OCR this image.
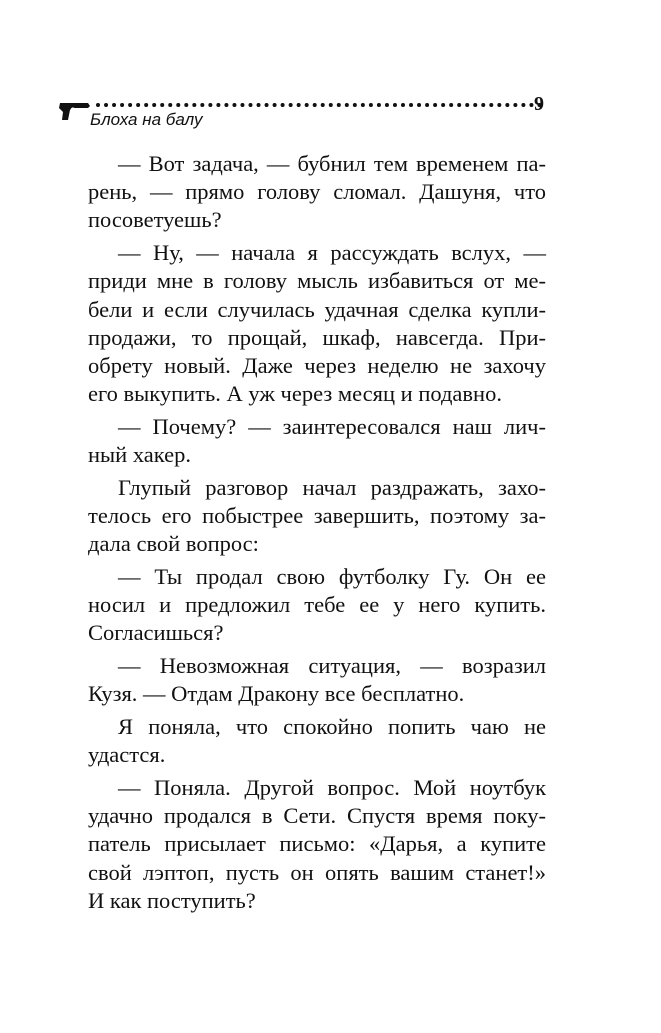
9
Блоха на балу
— Вот задача, — бубнил тем временем па-
рень, — прямо голову сломал. Дашуня, что
посоветуешь?
— Ну, — начала я рассуждать вслух, —
приди мне в голову мысль избавиться от ме-
бели и если случилась удачная сделка купли-
продажи, то прощай, шкаф, навсегда. При-
обрету новый. Даже через неделю не захочу
его выкупить. А уж через месяц и подавно.
— Почему? — заинтересовался наш лич-
ный хакер.
Глупый разговор начал раздражать, захо-
телось его побыстрее завершить, поэтому за-
дала свой вопрос:
— Ты продал свою футболку Гу. Он ее
носил и предложил тебе ее у него купить.
Согласишься?
— Невозможная ситуация, — возразил
Кузя. — Отдам Дракону все бесплатно.
Я поняла, что спокойно попить чаю не
удастся.
— Поняла. Другой вопрос. Мой ноутбук
удачно продался в Сети. Спустя время поку-
патель присылает письмо: «Дарья, а купите
свой лэптоп, пусть он опять вашим станет!»
И как поступить?
